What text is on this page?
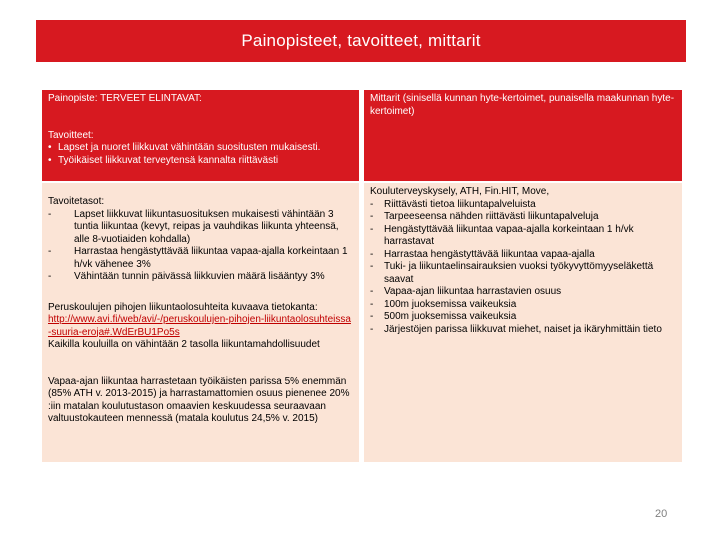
Painopisteet, tavoitteet, mittarit

Painopiste: TERVEET ELINTAVAT:

Tavoitteet:

• Lapset ja nuoret liikkuvat vähintään suositusten mukaisesti.
• Työikäiset liikkuvat terveytensä kannalta riittävästi

Mittarit (sinisellä kunnan hyte-kertoimet, punaisella maakunnan hyte-kertoimet)

Tavoitetasot:

-	Lapset liikkuvat liikuntasuosituksen mukaisesti vähintään 3 tuntia liikuntaa (kevyt, reipas ja vauhdikas liikunta yhteensä, alle 8-vuotiaiden kohdalla)
-	Harrastaa hengästyttävää liikuntaa vapaa-ajalla korkeintaan 1 h/vk vähenee 3%
-	Vähintään tunnin päivässä liikkuvien määrä lisääntyy 3%

Peruskoulujen pihojen liikuntaolosuhteita kuvaava tietokanta:

http://www.avi.fi/web/avi/-/peruskoulujen-pihojen-liikuntaolosuhteissa-suuria-eroja#.WdErBU1Po5s

Kaikilla kouluilla on vähintään 2 tasolla liikuntamahdollisuudet

Vapaa-ajan liikuntaa harrastetaan työikäisten parissa 5% enemmän (85% ATH v. 2013-2015) ja harrastamattomien osuus pienenee 20% :iin matalan koulutustason omaavien keskuudessa seuraavaan valtuustokauteen mennessä (matala koulutus 24,5% v. 2015)

Kouluterveyskysely, ATH, Fin.HIT, Move,

-	Riittävästi tietoa liikuntapalveluista
-	Tarpeeseensa nähden riittävästi liikuntapalveluja
-	Hengästyttävää liikuntaa vapaa-ajalla korkeintaan 1 h/vk harrastavat
-	Harrastaa hengästyttävää liikuntaa vapaa-ajalla
-	Tuki- ja liikuntaelinsairauksien vuoksi työkyvyttömyyseläkettä saavat
-	Vapaa-ajan liikuntaa harrastavien osuus
-	100m juoksemissa vaikeuksia
-	500m juoksemissa vaikeuksia
-	Järjestöjen parissa liikkuvat miehet, naiset ja ikäryhmittäin tieto
20
